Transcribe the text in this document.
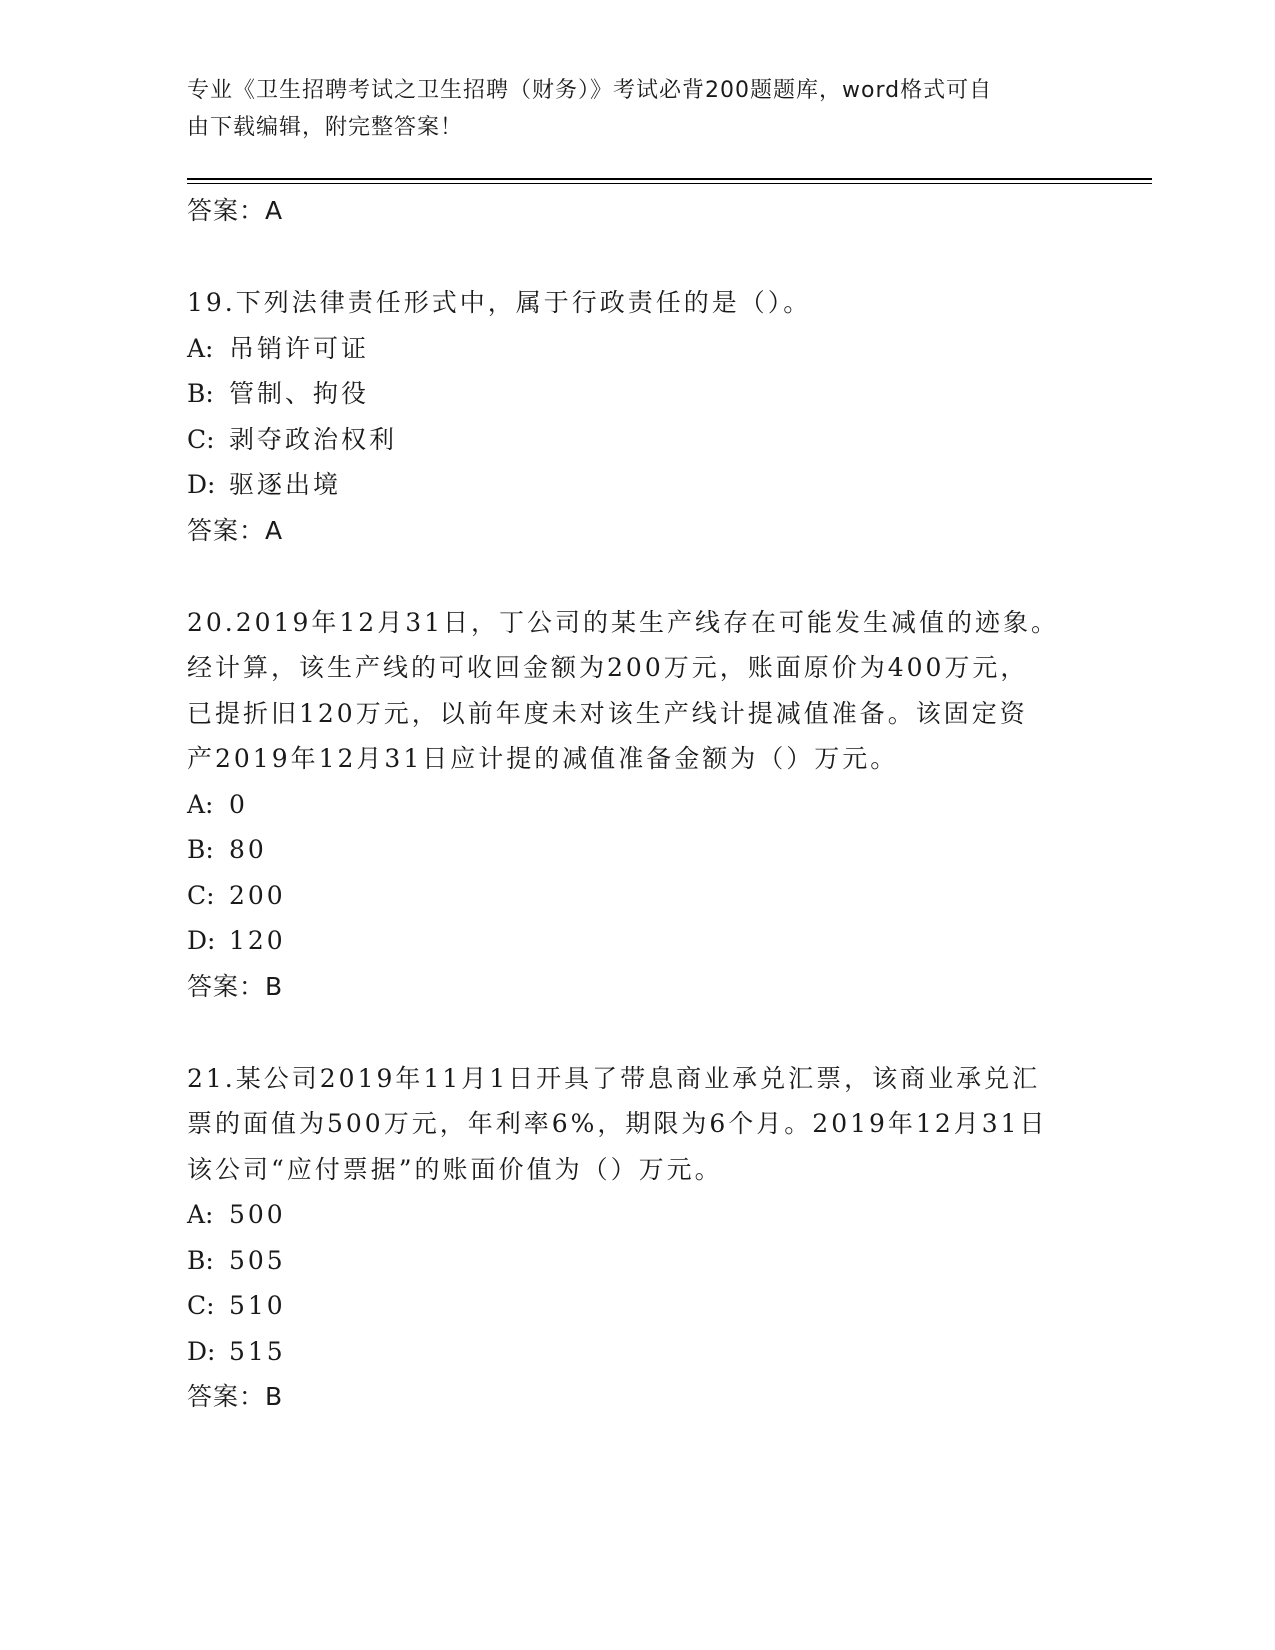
专业《卫生招聘考试之卫生招聘（财务）》考试必背200题题库，word格式可自
由下载编辑，附完整答案！
答案：A
19.下列法律责任形式中，属于行政责任的是（）。
A: 吊销许可证
B: 管制、拘役
C: 剥夺政治权利
D: 驱逐出境
答案：A
20.2019年12月31日，丁公司的某生产线存在可能发生减值的迹象。
经计算，该生产线的可收回金额为200万元，账面原价为400万元，
已提折旧120万元，以前年度未对该生产线计提减值准备。该固定资
产2019年12月31日应计提的减值准备金额为（）万元。
A: 0
B: 80
C: 200
D: 120
答案：B
21.某公司2019年11月1日开具了带息商业承兑汇票，该商业承兑汇
票的面值为500万元，年利率6%，期限为6个月。2019年12月31日
该公司“应付票据”的账面价值为（）万元。
A: 500
B: 505
C: 510
D: 515
答案：B
